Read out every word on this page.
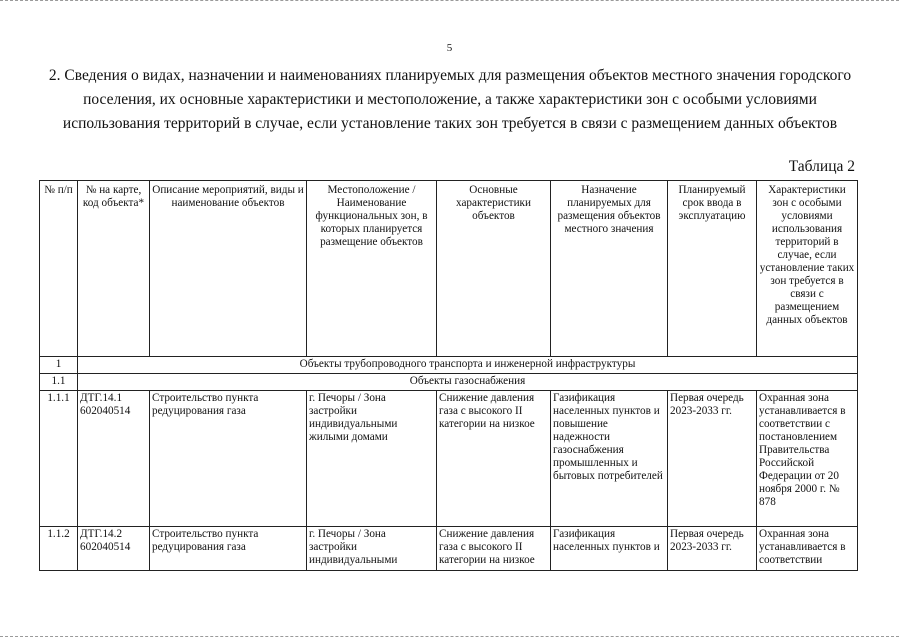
5
2. Сведения о видах, назначении и наименованиях планируемых для размещения объектов местного значения городского поселения, их основные характеристики и местоположение, а также характеристики зон с особыми условиями использования территорий в случае, если установление таких зон требуется в связи с размещением данных объектов
Таблица 2
№ п/п	№ на карте, код объекта*	Описание мероприятий, виды и наименование объектов	Местоположение / Наименование функциональных зон, в которых планируется размещение объектов	Основные характеристики объектов	Назначение планируемых для размещения объектов местного значения	Планируемый срок ввода в эксплуатацию	Характеристики зон с особыми условиями использования территорий в случае, если установление таких зон требуется в связи с размещением данных объектов
1	Объекты трубопроводного транспорта и инженерной инфраструктуры						
1.1	Объекты газоснабжения						
1.1.1	ДТГ.14.1 602040514	Строительство пункта редуцирования газа	г. Печоры / Зона застройки индивидуальными жилыми домами	Снижение давления газа с высокого II категории на низкое	Газификация населенных пунктов и повышение надежности газоснабжения промышленных и бытовых потребителей	Первая очередь 2023-2033 гг.	Охранная зона устанавливается в соответствии с постановлением Правительства Российской Федерации от 20 ноября 2000 г. № 878
1.1.2	ДТГ.14.2 602040514	Строительство пункта редуцирования газа	г. Печоры / Зона застройки индивидуальными	Снижение давления газа с высокого II категории на низкое	Газификация населенных пунктов и	Первая очередь 2023-2033 гг.	Охранная зона устанавливается в соответствии
